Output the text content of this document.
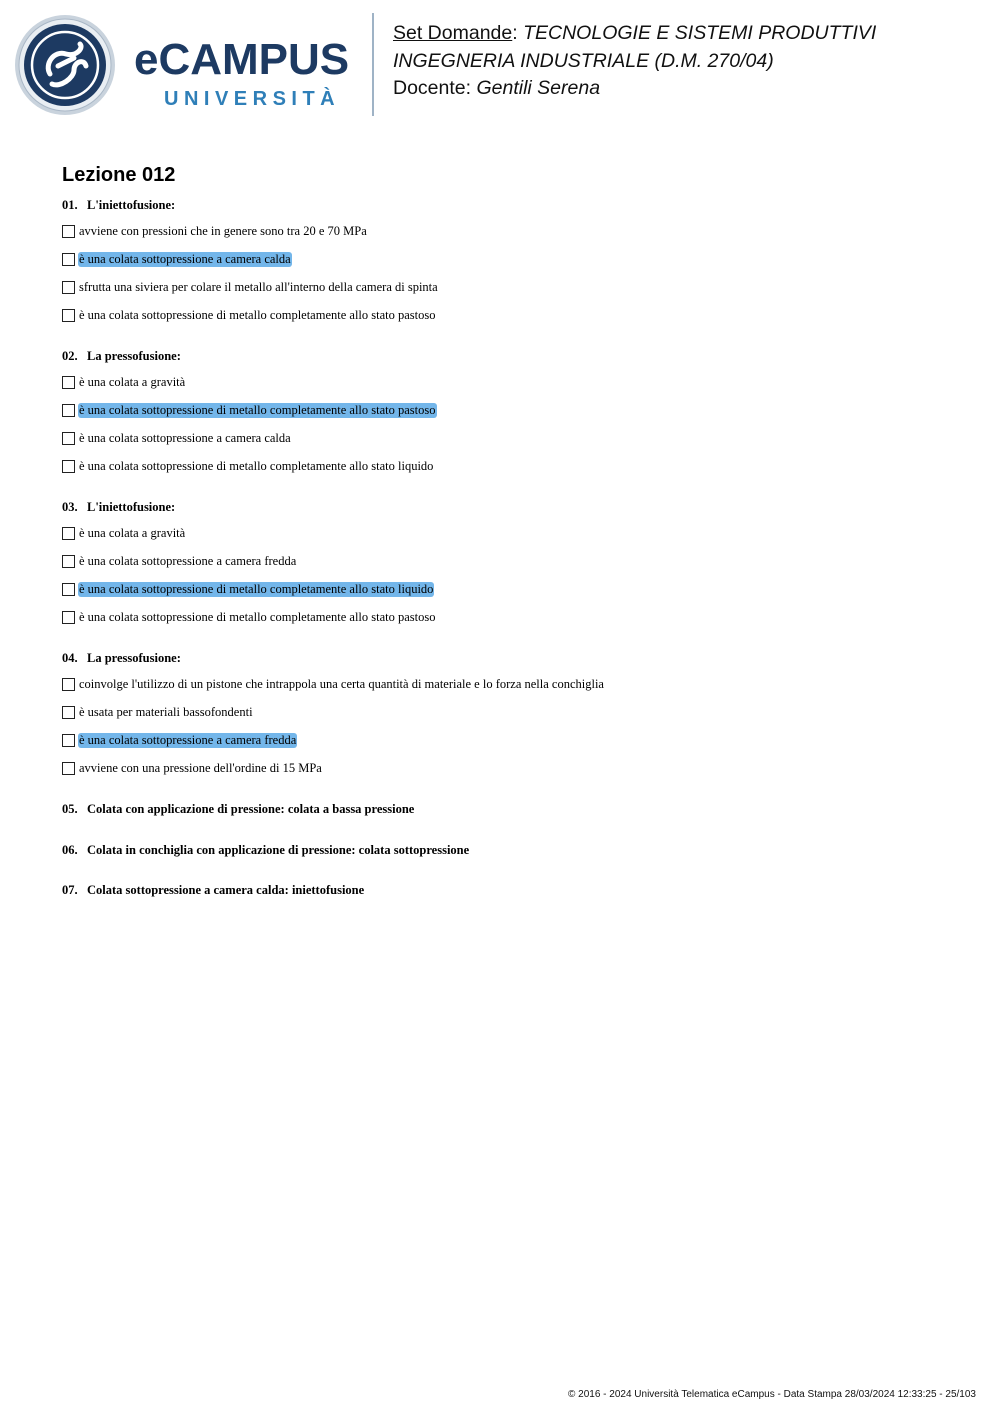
eCAMPUS
UNIVERSITÀ
Set Domande: TECNOLOGIE E SISTEMI PRODUTTIVI
INGEGNERIA INDUSTRIALE (D.M. 270/04)
Docente: Gentili Serena
Lezione 012
01. L'iniettofusione:
avviene con pressioni che in genere sono tra 20 e 70 MPa
è una colata sottopressione a camera calda
sfrutta una siviera per colare il metallo all'interno della camera di spinta
è una colata sottopressione di metallo completamente allo stato pastoso
02. La pressofusione:
è una colata a gravità
è una colata sottopressione di metallo completamente allo stato pastoso
è una colata sottopressione a camera calda
è una colata sottopressione di metallo completamente allo stato liquido
03. L'iniettofusione:
è una colata a gravità
è una colata sottopressione a camera fredda
è una colata sottopressione di metallo completamente allo stato liquido
è una colata sottopressione di metallo completamente allo stato pastoso
04. La pressofusione:
coinvolge l'utilizzo di un pistone che intrappola una certa quantità di materiale e lo forza nella conchiglia
è usata per materiali bassofondenti
è una colata sottopressione a camera fredda
avviene con una pressione dell'ordine di 15 MPa
05. Colata con applicazione di pressione: colata a bassa pressione
06. Colata in conchiglia con applicazione di pressione: colata sottopressione
07. Colata sottopressione a camera calda: iniettofusione
© 2016 - 2024 Università Telematica eCampus - Data Stampa 28/03/2024 12:33:25 - 25/103
